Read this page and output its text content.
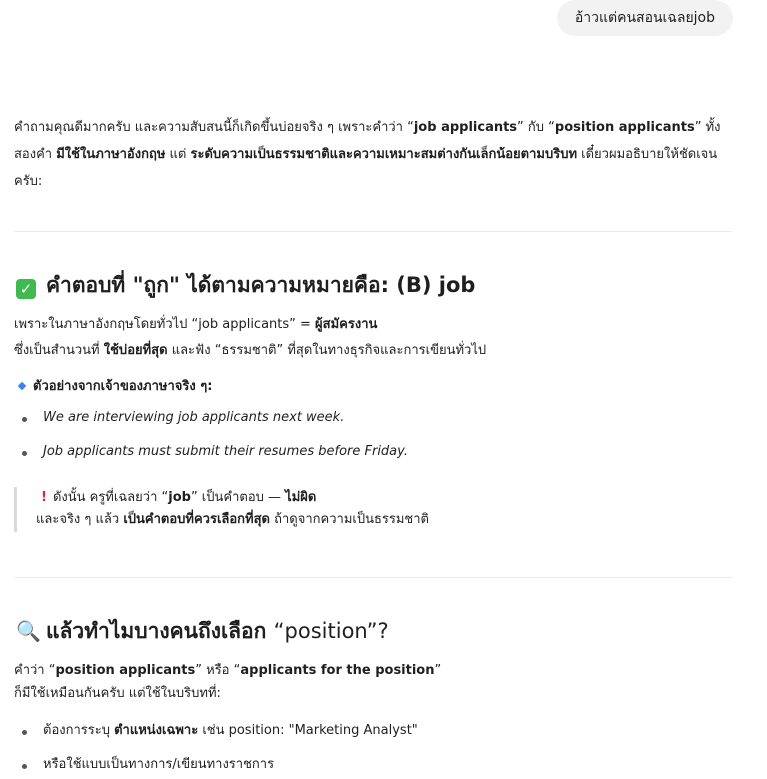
อ้าวแต่คนสอนเฉลยjob

คำถามคุณดีมากครับ และความสับสนนี้ก็เกิดขึ้นบ่อยจริง ๆ เพราะคำว่า “job applicants” กับ “position applicants” ทั้งสองคำ มีใช้ในภาษาอังกฤษ แต่ ระดับความเป็นธรรมชาติและความเหมาะสมต่างกันเล็กน้อยตามบริบท เดี๋ยวผมอธิบายให้ชัดเจนครับ:

✓ คำตอบที่ "ถูก" ได้ตามความหมายคือ: (B) job
เพราะในภาษาอังกฤษโดยทั่วไป “job applicants” = ผู้สมัครงาน
ซึ่งเป็นสำนวนที่ ใช้บ่อยที่สุด และฟัง “ธรรมชาติ” ที่สุดในทางธุรกิจและการเขียนทั่วไป
ตัวอย่างจากเจ้าของภาษาจริง ๆ:
We are interviewing job applicants next week.
Job applicants must submit their resumes before Friday.
! ดังนั้น ครูที่เฉลยว่า “job” เป็นคำตอบ — ไม่ผิด
และจริง ๆ แล้ว เป็นคำตอบที่ควรเลือกที่สุด ถ้าดูจากความเป็นธรรมชาติ
🔍 แล้วทำไมบางคนถึงเลือก “position”?
คำว่า “position applicants” หรือ “applicants for the position”
ก็มีใช้เหมือนกันครับ แต่ใช้ในบริบทที่:
ต้องการระบุ ตำแหน่งเฉพาะ เช่น position: "Marketing Analyst"
หรือใช้แบบเป็นทางการ/เขียนทางราชการ
